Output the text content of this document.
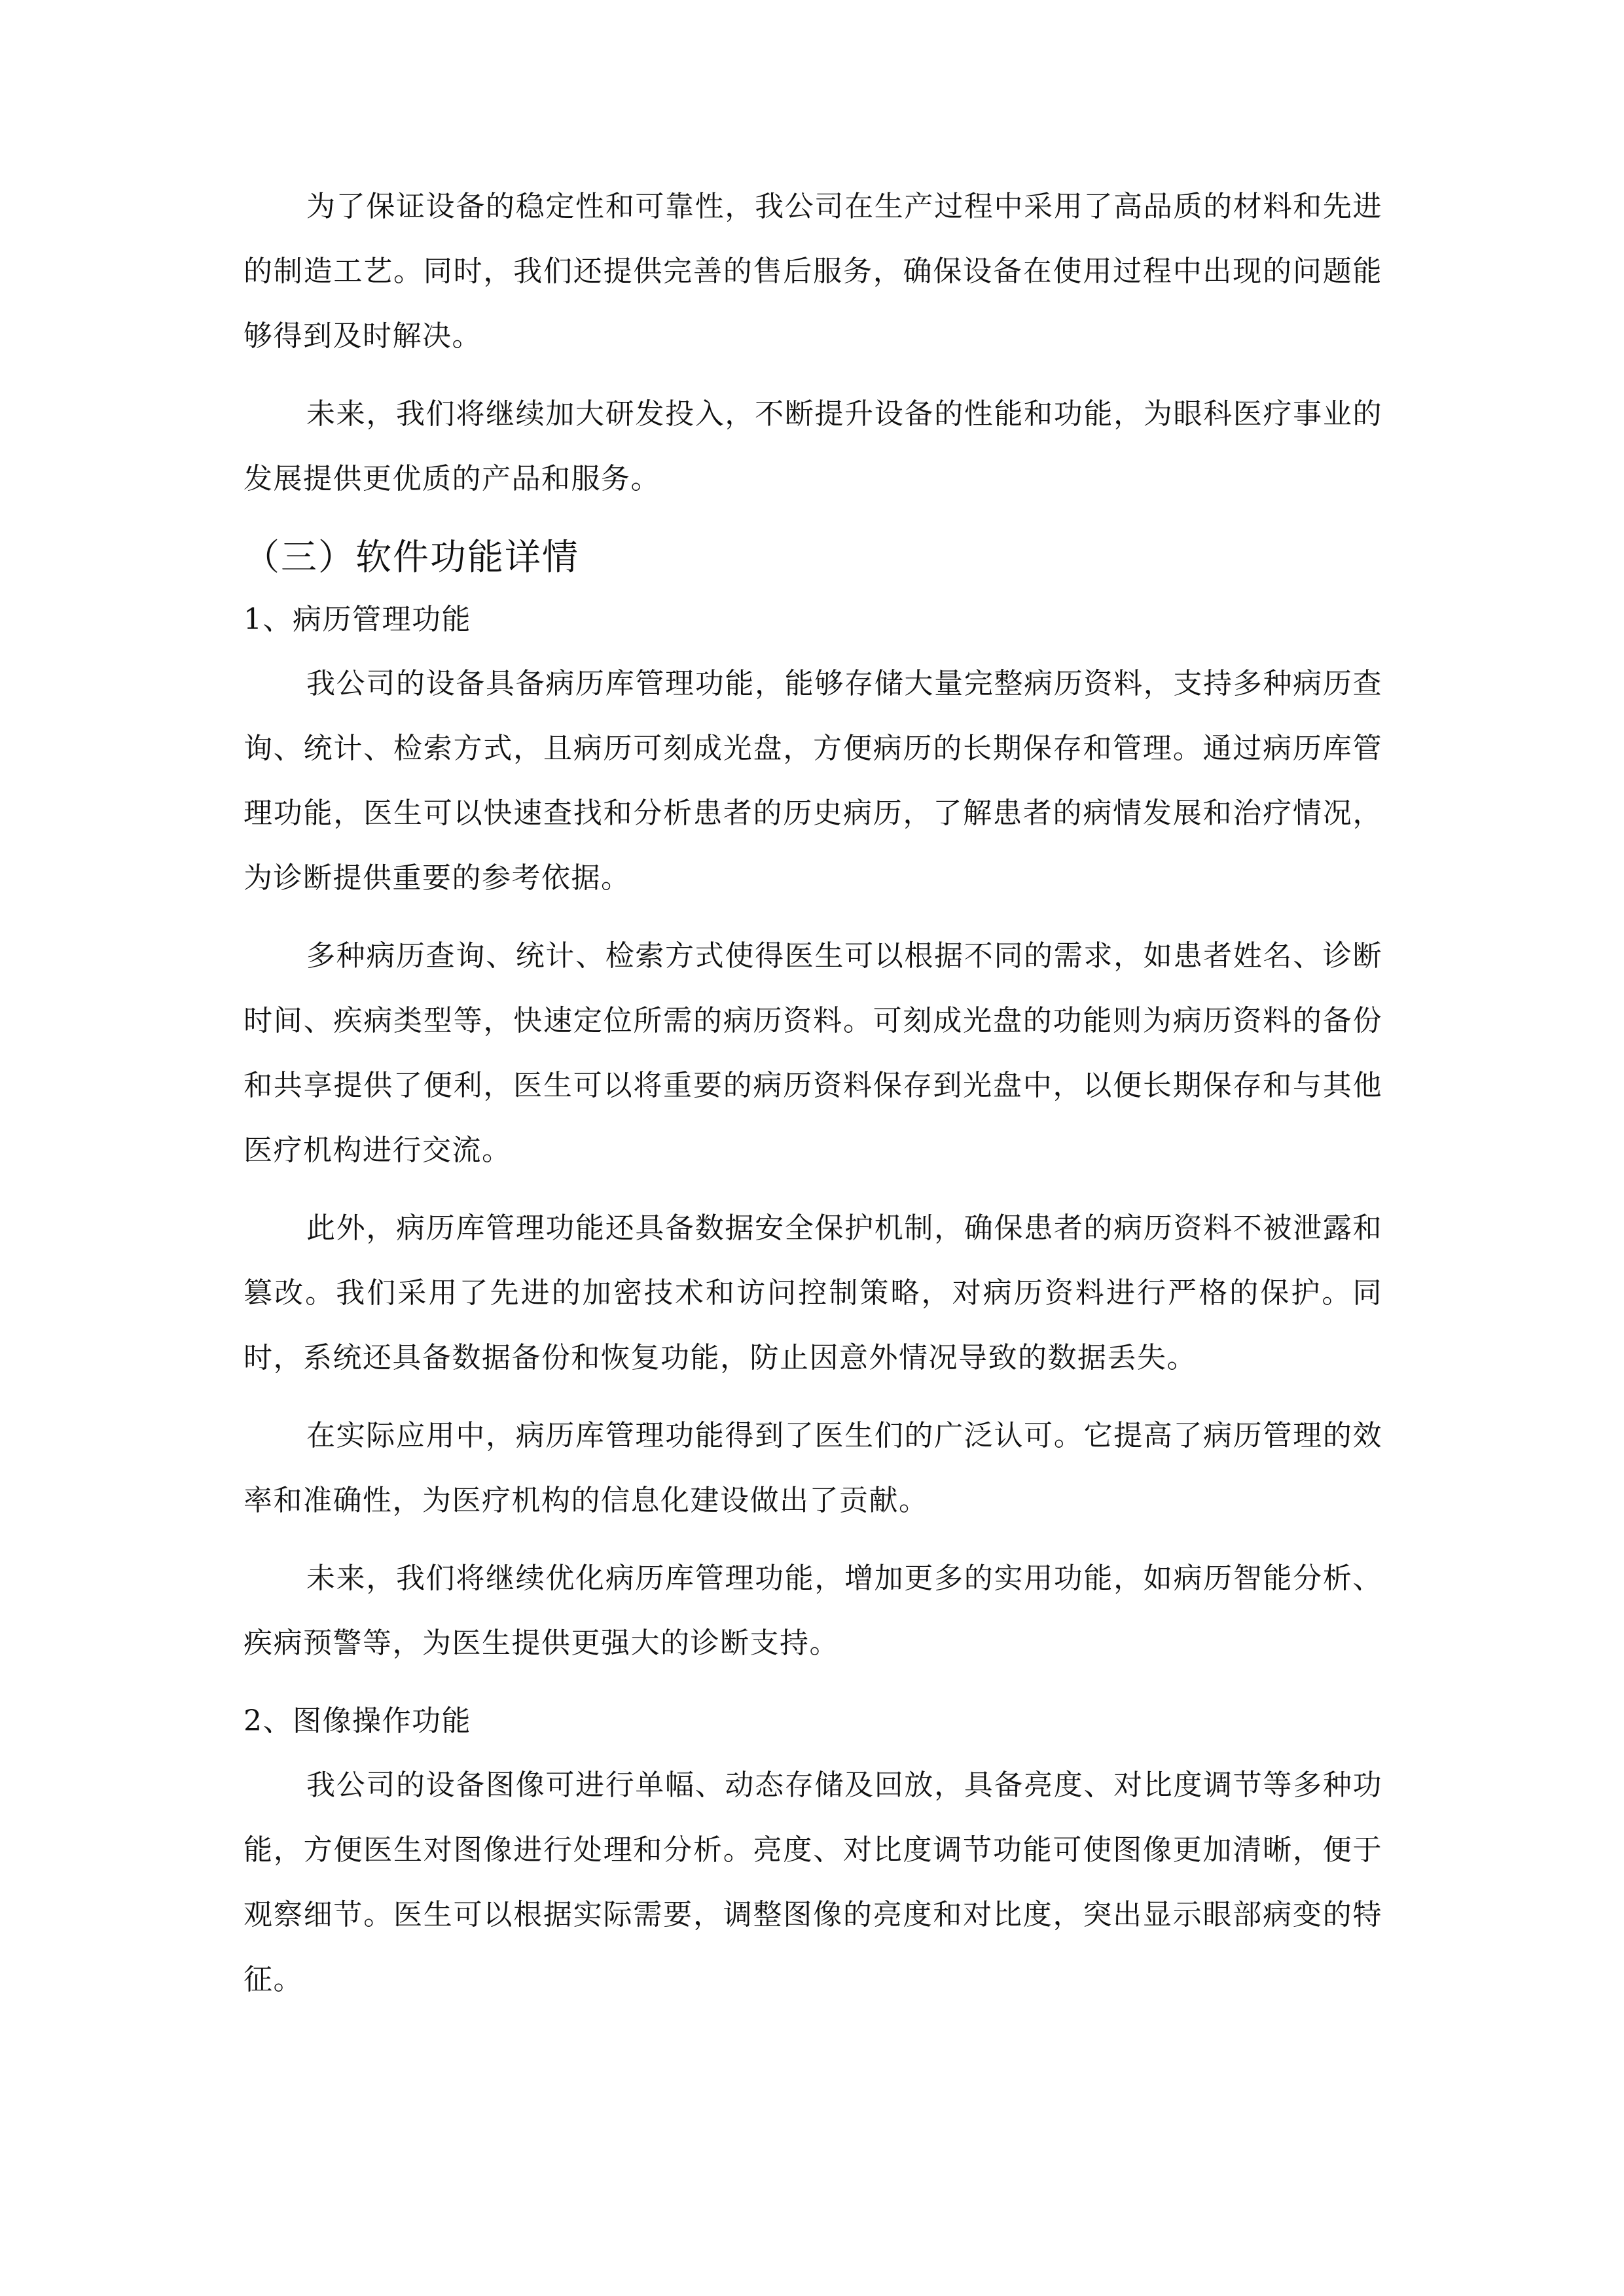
为了保证设备的稳定性和可靠性，我公司在生产过程中采用了高品质的材料和先进的制造工艺。同时，我们还提供完善的售后服务，确保设备在使用过程中出现的问题能够得到及时解决。

未来，我们将继续加大研发投入，不断提升设备的性能和功能，为眼科医疗事业的发展提供更优质的产品和服务。

（三）软件功能详情
1、病历管理功能

我公司的设备具备病历库管理功能，能够存储大量完整病历资料，支持多种病历查询、统计、检索方式，且病历可刻成光盘，方便病历的长期保存和管理。通过病历库管理功能，医生可以快速查找和分析患者的历史病历，了解患者的病情发展和治疗情况，为诊断提供重要的参考依据。

多种病历查询、统计、检索方式使得医生可以根据不同的需求，如患者姓名、诊断时间、疾病类型等，快速定位所需的病历资料。可刻成光盘的功能则为病历资料的备份和共享提供了便利，医生可以将重要的病历资料保存到光盘中，以便长期保存和与其他医疗机构进行交流。

此外，病历库管理功能还具备数据安全保护机制，确保患者的病历资料不被泄露和篡改。我们采用了先进的加密技术和访问控制策略，对病历资料进行严格的保护。同时，系统还具备数据备份和恢复功能，防止因意外情况导致的数据丢失。

在实际应用中，病历库管理功能得到了医生们的广泛认可。它提高了病历管理的效率和准确性，为医疗机构的信息化建设做出了贡献。

未来，我们将继续优化病历库管理功能，增加更多的实用功能，如病历智能分析、疾病预警等，为医生提供更强大的诊断支持。

2、图像操作功能

我公司的设备图像可进行单幅、动态存储及回放，具备亮度、对比度调节等多种功能，方便医生对图像进行处理和分析。亮度、对比度调节功能可使图像更加清晰，便于观察细节。医生可以根据实际需要，调整图像的亮度和对比度，突出显示眼部病变的特征。
